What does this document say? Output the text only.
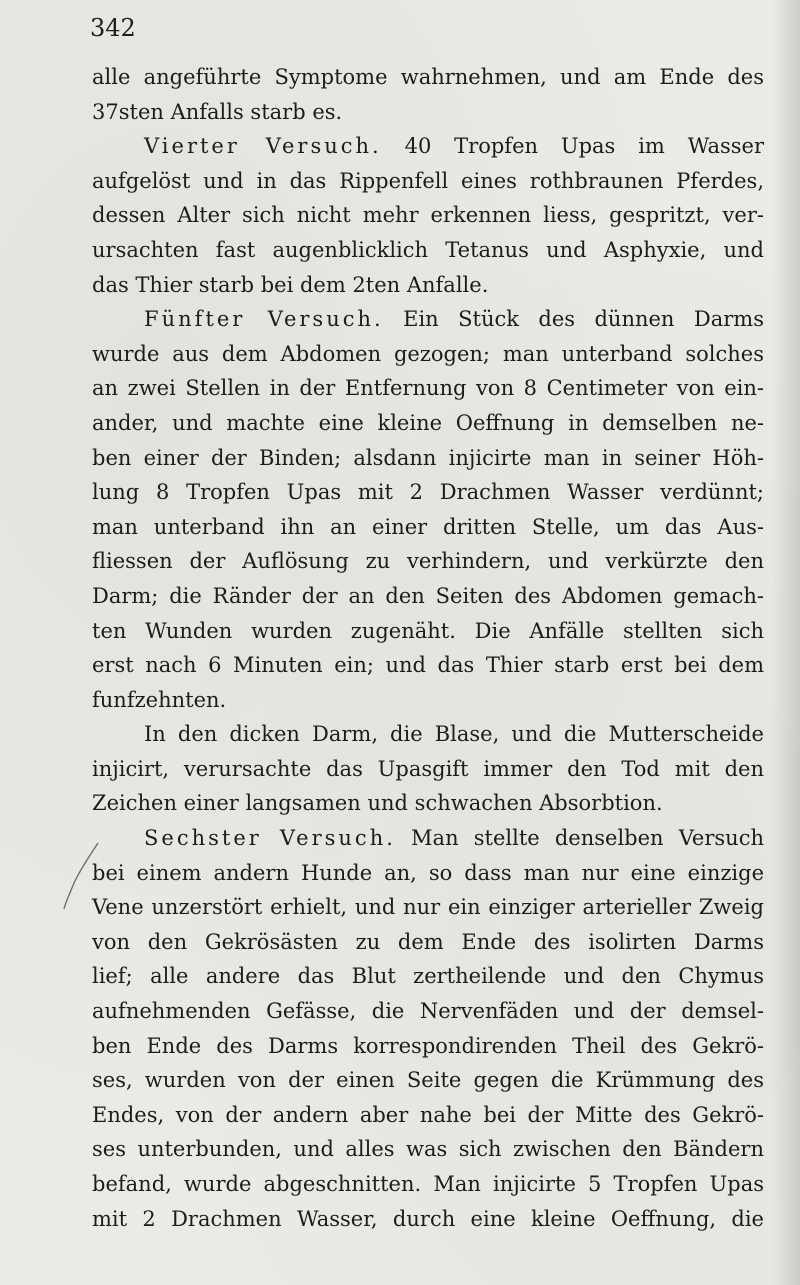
342
alle angeführte Symptome wahrnehmen, und am Ende des
37sten Anfalls starb es.
Vierter Versuch. 40 Tropfen Upas im Wasser
aufgelöst und in das Rippenfell eines rothbraunen Pferdes,
dessen Alter sich nicht mehr erkennen liess, gespritzt, ver-
ursachten fast augenblicklich Tetanus und Asphyxie, und
das Thier starb bei dem 2ten Anfalle.
Fünfter Versuch. Ein Stück des dünnen Darms
wurde aus dem Abdomen gezogen; man unterband solches
an zwei Stellen in der Entfernung von 8 Centimeter von ein-
ander, und machte eine kleine Oeffnung in demselben ne-
ben einer der Binden; alsdann injicirte man in seiner Höh-
lung 8 Tropfen Upas mit 2 Drachmen Wasser verdünnt;
man unterband ihn an einer dritten Stelle, um das Aus-
fliessen der Auflösung zu verhindern, und verkürzte den
Darm; die Ränder der an den Seiten des Abdomen gemach-
ten Wunden wurden zugenäht. Die Anfälle stellten sich
erst nach 6 Minuten ein; und das Thier starb erst bei dem
funfzehnten.
In den dicken Darm, die Blase, und die Mutterscheide
injicirt, verursachte das Upasgift immer den Tod mit den
Zeichen einer langsamen und schwachen Absorbtion.
Sechster Versuch. Man stellte denselben Versuch
bei einem andern Hunde an, so dass man nur eine einzige
Vene unzerstört erhielt, und nur ein einziger arterieller Zweig
von den Gekrösästen zu dem Ende des isolirten Darms
lief; alle andere das Blut zertheilende und den Chymus
aufnehmenden Gefässe, die Nervenfäden und der demsel-
ben Ende des Darms korrespondirenden Theil des Gekrö-
ses, wurden von der einen Seite gegen die Krümmung des
Endes, von der andern aber nahe bei der Mitte des Gekrö-
ses unterbunden, und alles was sich zwischen den Bändern
befand, wurde abgeschnitten. Man injicirte 5 Tropfen Upas
mit 2 Drachmen Wasser, durch eine kleine Oeffnung, die
